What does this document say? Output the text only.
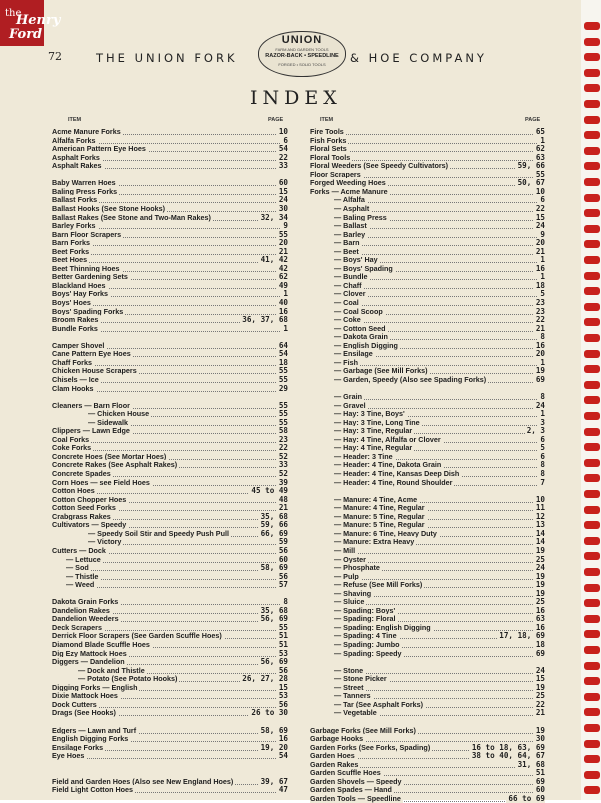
the
Henry
Ford
72	THE UNION FORK
UNION
FARM AND GARDEN TOOLS
RAZOR-BACK • SPEEDLINE
FORGED • SOLID TOOLS	& HOE COMPANY
INDEX
ITEM	PAGE	ITEM	PAGE
Acme Manure Forks	10
Alfalfa Forks	6
American Pattern Eye Hoes	54
Asphalt Forks	22
Asphalt Rakes	33
Baby Warren Hoes	60
Baling Press Forks	15
Ballast Forks	24
Ballast Hooks (See Stone Hooks)	30
Ballast Rakes (See Stone and Two-Man Rakes)	32, 34
Barley Forks	9
Barn Floor Scrapers	55
Barn Forks	20
Beet Forks	21
Beet Hoes	41, 42
Beet Thinning Hoes	42
Better Gardening Sets	62
Blackland Hoes	49
Boys' Hay Forks	1
Boys' Hoes	40
Boys' Spading Forks	16
Broom Rakes	36, 37, 68
Bundle Forks	1
Camper Shovel	64
Cane Pattern Eye Hoes	54
Chaff Forks	18
Chicken House Scrapers	55
Chisels — Ice	55
Clam Hooks	29
Cleaners — Barn Floor	55
— Chicken House	55
— Sidewalk	55
Clippers — Lawn Edge	58
Coal Forks	23
Coke Forks	22
Concrete Hoes (See Mortar Hoes)	52
Concrete Rakes (See Asphalt Rakes)	33
Concrete Spades	52
Corn Hoes — see Field Hoes	39
Cotton Hoes	45 to 49
Cotton Chopper Hoes	48
Cotton Seed Forks	21
Crabgrass Rakes	35, 68
Cultivators — Speedy	59, 66
— Speedy Soil Stir and Speedy Push Pull	66, 69
— Victory	59
Cutters — Dock	56
— Lettuce	60
— Sod	58, 69
— Thistle	56
— Weed	57
Dakota Grain Forks	8
Dandelion Rakes	35, 68
Dandelion Weeders	56, 69
Deck Scrapers	55
Derrick Floor Scrapers (See Garden Scuffle Hoes)	51
Diamond Blade Scuffle Hoes	51
Dig Ezy Mattock Hoes	53
Diggers — Dandelion	56, 69
— Dock and Thistle	56
— Potato (See Potato Hooks)	26, 27, 28
Digging Forks — English	15
Dixie Mattock Hoes	53
Dock Cutters	56
Drags (See Hooks)	26 to 30
Edgers — Lawn and Turf	58, 69
English Digging Forks	16
Ensilage Forks	19, 20
Eye Hoes	54
Field and Garden Hoes (Also see New England Hoes)	39, 67
Field Light Cotton Hoes	47
Fire Tools	65
Fish Forks	1
Floral Sets	62
Floral Tools	63
Floral Weeders (See Speedy Cultivators)	59, 66
Floor Scrapers	55
Forged Weeding Hoes	50, 67
Forks — Acme Manure	10
— Alfalfa	6
— Asphalt	22
— Baling Press	15
— Ballast	24
— Barley	9
— Barn	20
— Beet	21
— Boys' Hay	1
— Boys' Spading	16
— Bundle	1
— Chaff	18
— Clover	5
— Coal	23
— Coal Scoop	23
— Coke	22
— Cotton Seed	21
— Dakota Grain	8
— English Digging	16
— Ensilage	20
— Fish	1
— Garbage (See Mill Forks)	19
— Garden, Speedy (Also see Spading Forks)	69
— Grain	8
— Gravel	24
— Hay: 3 Tine, Boys'	1
— Hay: 3 Tine, Long Tine	3
— Hay: 3 Tine, Regular	2, 3
— Hay: 4 Tine, Alfalfa or Clover	6
— Hay: 4 Tine, Regular	5
— Header: 3 Tine	6
— Header: 4 Tine, Dakota Grain	8
— Header: 4 Tine, Kansas Deep Dish	8
— Header: 4 Tine, Round Shoulder	7
— Manure: 4 Tine, Acme	10
— Manure: 4 Tine, Regular	11
— Manure: 5 Tine, Regular	12
— Manure: 5 Tine, Regular	13
— Manure: 6 Tine, Heavy Duty	14
— Manure: Extra Heavy	14
— Mill	19
— Oyster	25
— Phosphate	24
— Pulp	19
— Refuse (See Mill Forks)	19
— Shaving	19
— Sluice	25
— Spading: Boys'	16
— Spading: Floral	63
— Spading: English Digging	16
— Spading: 4 Tine	17, 18, 69
— Spading: Jumbo	18
— Spading: Speedy	69
— Stone	24
— Stone Picker	15
— Street	19
— Tanners	25
— Tar (See Asphalt Forks)	22
— Vegetable	21
Garbage Forks (See Mill Forks)	19
Garbage Hooks	30
Garden Forks (See Forks, Spading)	16 to 18, 63, 69
Garden Hoes	38 to 40, 64, 67
Garden Rakes	31, 68
Garden Scuffle Hoes	51
Garden Shovels — Speedy	69
Garden Spades — Hand	60
Garden Tools — Speedline	66 to 69
